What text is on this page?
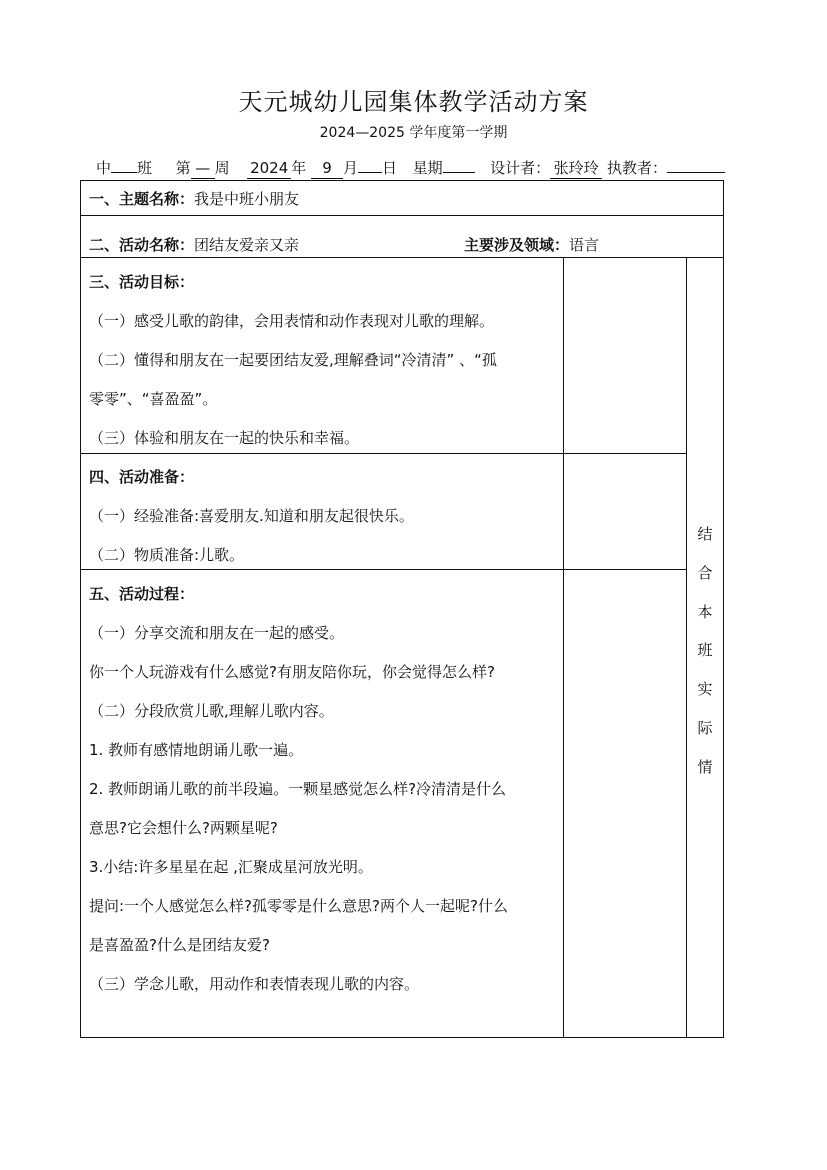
天元城幼儿园集体教学活动方案
2024—2025 学年度第一学期
中 班 第 — 周 2024 年 9 月 日 星期	设计者： 张玲玲 执教者：
一、主题名称：我是中班小朋友
二、活动名称：团结友爱亲又亲	主要涉及领域：语言
三、活动目标：
（一）感受儿歌的韵律，会用表情和动作表现对儿歌的理解。
（二）懂得和朋友在一起要团结友爱,理解叠词“冷清清” 、“孤
零零”、“喜盈盈”。
（三）体验和朋友在一起的快乐和幸福。
四、活动准备：
（一）经验准备:喜爱朋友.知道和朋友起很快乐。
（二）物质准备:儿歌。
五、活动过程：
（一）分享交流和朋友在一起的感受。
你一个人玩游戏有什么感觉?有朋友陪你玩，你会觉得怎么样?
（二）分段欣赏儿歌,理解儿歌内容。
1. 教师有感情地朗诵儿歌一遍。
2. 教师朗诵儿歌的前半段遍。一颗星感觉怎么样?冷清清是什么
意思?它会想什么?两颗星呢?
3.小结:许多星星在起 ,汇聚成星河放光明。
提问:一个人感觉怎么样?孤零零是什么意思?两个人一起呢?什么
是喜盈盈?什么是团结友爱?
（三）学念儿歌，用动作和表情表现儿歌的内容。
结
合
本
班
实
际
情
